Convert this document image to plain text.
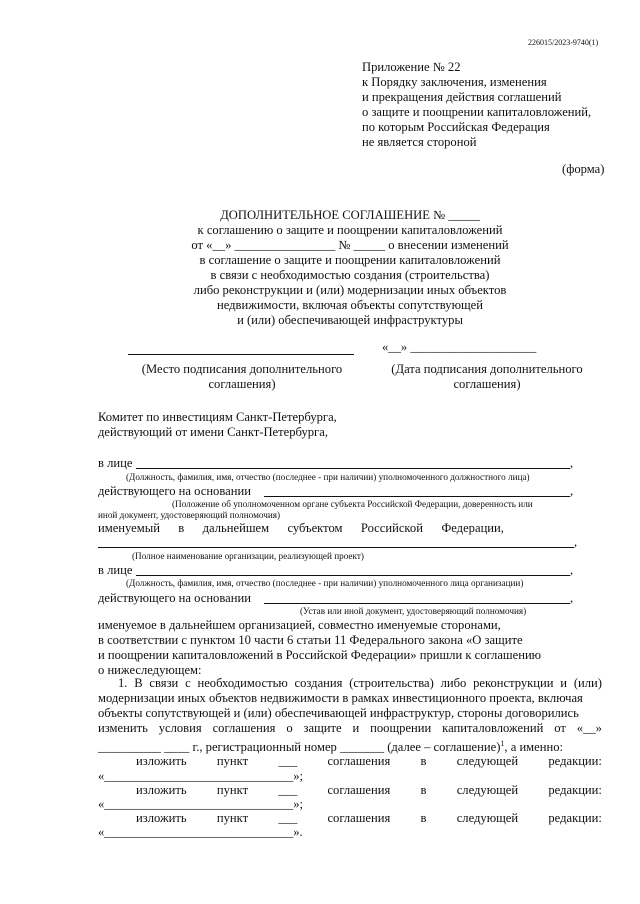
226015/2023-9740(1)
Приложение № 22
к Порядку заключения, изменения
и прекращения действия соглашений
о защите и поощрении капиталовложений,
по которым Российская Федерация
не является стороной
(форма)
ДОПОЛНИТЕЛЬНОЕ СОГЛАШЕНИЕ № _____
к соглашению о защите и поощрении капиталовложений
от «__» ________________ № _____ о внесении изменений
в соглашение о защите и поощрении капиталовложений
в связи с необходимостью создания (строительства)
либо реконструкции и (или) модернизации иных объектов
недвижимости, включая объекты сопутствующей
и (или) обеспечивающей инфраструктуры
«__» ____________________
(Место подписания дополнительного
соглашения)
(Дата подписания дополнительного
соглашения)
Комитет по инвестициям Санкт-Петербурга,
действующий от имени Санкт-Петербурга,
в лице	,
(Должность, фамилия, имя, отчество (последнее - при наличии) уполномоченного должностного лица)
действующего на основании	,
(Положение об уполномоченном органе субъекта Российской Федерации, доверенность или
иной документ, удостоверяющий полномочия)
именуемый в дальнейшем субъектом Российской Федерации,
,
(Полное наименование организации, реализующей проект)
в лице	,
(Должность, фамилия, имя, отчество (последнее - при наличии) уполномоченного лица организации)
действующего на основании	,
(Устав или иной документ, удостоверяющий полномочия)
именуемое в дальнейшем организацией, совместно именуемые сторонами,
в соответствии с пунктом 10 части 6 статьи 11 Федерального закона «О защите
и поощрении капиталовложений в Российской Федерации» пришли к соглашению
о нижеследующем:
1. В связи с необходимостью создания (строительства) либо реконструкции и (или)
модернизации иных объектов недвижимости в рамках инвестиционного проекта, включая
объекты сопутствующей и (или) обеспечивающей инфраструктур, стороны договорились
изменить условия соглашения о защите и поощрении капиталовложений от «__»
__________ ____ г., регистрационный номер _______ (далее – соглашение)$^1$, а именно:
изложить пункт ___ соглашения в следующей редакции:
«______________________________»;
изложить пункт ___ соглашения в следующей редакции:
«______________________________»;
изложить пункт ___ соглашения в следующей редакции:
«______________________________».
